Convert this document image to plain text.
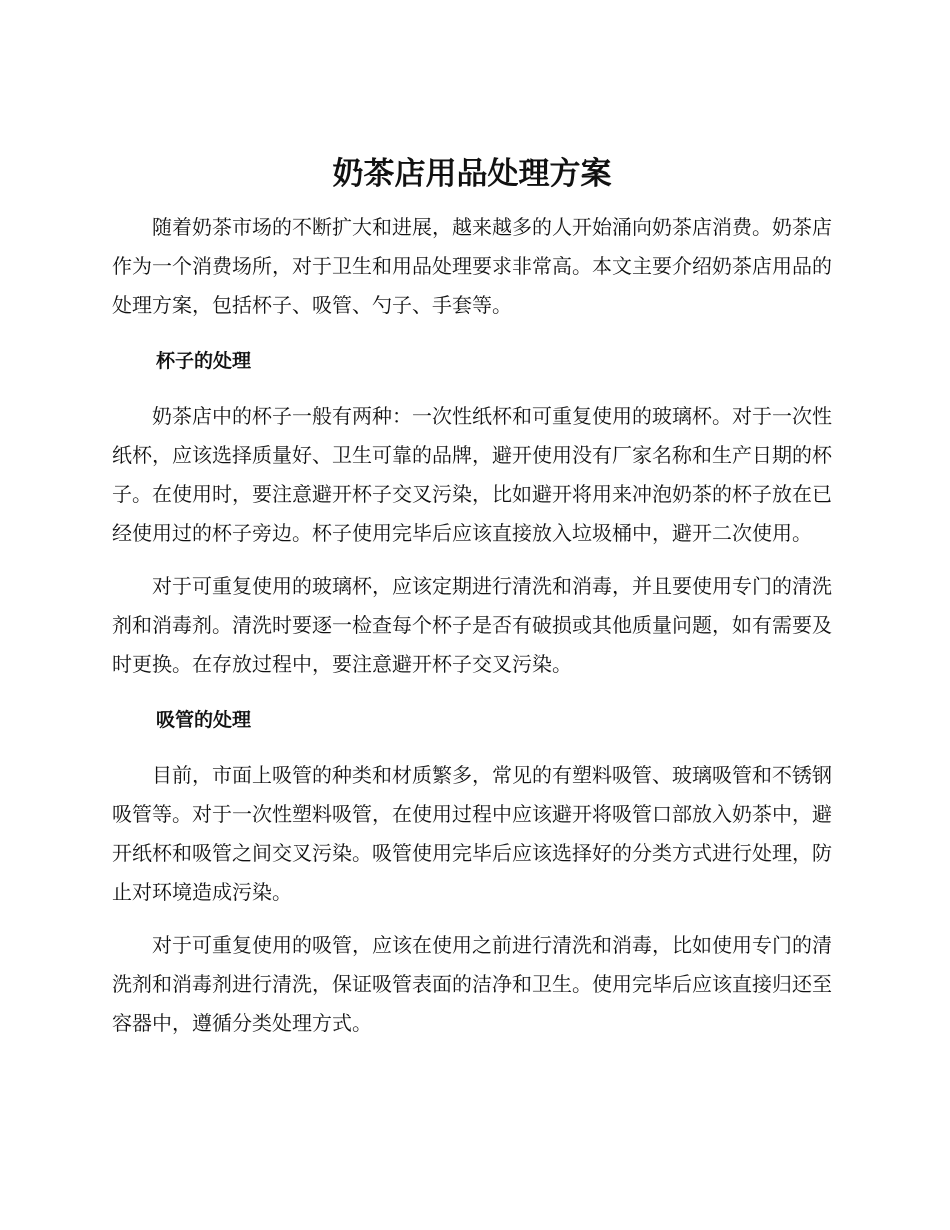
奶茶店用品处理方案

随着奶茶市场的不断扩大和进展，越来越多的人开始涌向奶茶店消费。奶茶店作为一个消费场所，对于卫生和用品处理要求非常高。本文主要介绍奶茶店用品的处理方案，包括杯子、吸管、勺子、手套等。

杯子的处理

奶茶店中的杯子一般有两种：一次性纸杯和可重复使用的玻璃杯。对于一次性纸杯，应该选择质量好、卫生可靠的品牌，避开使用没有厂家名称和生产日期的杯子。在使用时，要注意避开杯子交叉污染，比如避开将用来冲泡奶茶的杯子放在已经使用过的杯子旁边。杯子使用完毕后应该直接放入垃圾桶中，避开二次使用。

对于可重复使用的玻璃杯，应该定期进行清洗和消毒，并且要使用专门的清洗剂和消毒剂。清洗时要逐一检查每个杯子是否有破损或其他质量问题，如有需要及时更换。在存放过程中，要注意避开杯子交叉污染。

吸管的处理

目前，市面上吸管的种类和材质繁多，常见的有塑料吸管、玻璃吸管和不锈钢吸管等。对于一次性塑料吸管，在使用过程中应该避开将吸管口部放入奶茶中，避开纸杯和吸管之间交叉污染。吸管使用完毕后应该选择好的分类方式进行处理，防止对环境造成污染。

对于可重复使用的吸管，应该在使用之前进行清洗和消毒，比如使用专门的清洗剂和消毒剂进行清洗，保证吸管表面的洁净和卫生。使用完毕后应该直接归还至容器中，遵循分类处理方式。
